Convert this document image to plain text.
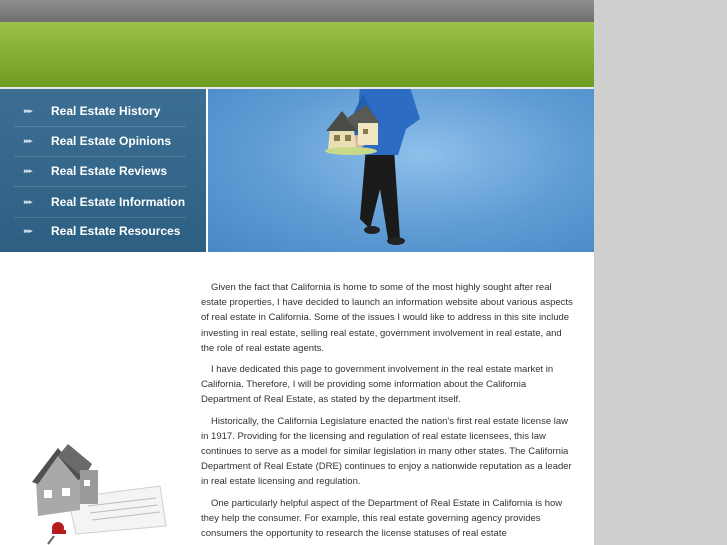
▸▸▸	Real Estate History
▸▸▸	Real Estate Opinions
▸▸▸	Real Estate Reviews
▸▸▸	Real Estate Information
▸▸▸	Real Estate Resources

Given the fact that California is home to some of the most highly sought after real estate properties, I have decided to launch an information website about various aspects of real estate in California. Some of the issues I would like to address in this site include investing in real estate, selling real estate, government involvement in real estate, and the role of real estate agents.

I have dedicated this page to government involvement in the real estate market in California. Therefore, I will be providing some information about the California Department of Real Estate, as stated by the department itself.

Historically, the California Legislature enacted the nation's first real estate license law in 1917. Providing for the licensing and regulation of real estate licensees, this law continues to serve as a model for similar legislation in many other states. The California Department of Real Estate (DRE) continues to enjoy a nationwide reputation as a leader in real estate licensing and regulation.

One particularly helpful aspect of the Department of Real Estate in California is how they help the consumer. For example, this real estate governing agency provides consumers the opportunity to research the license statuses of real estate
